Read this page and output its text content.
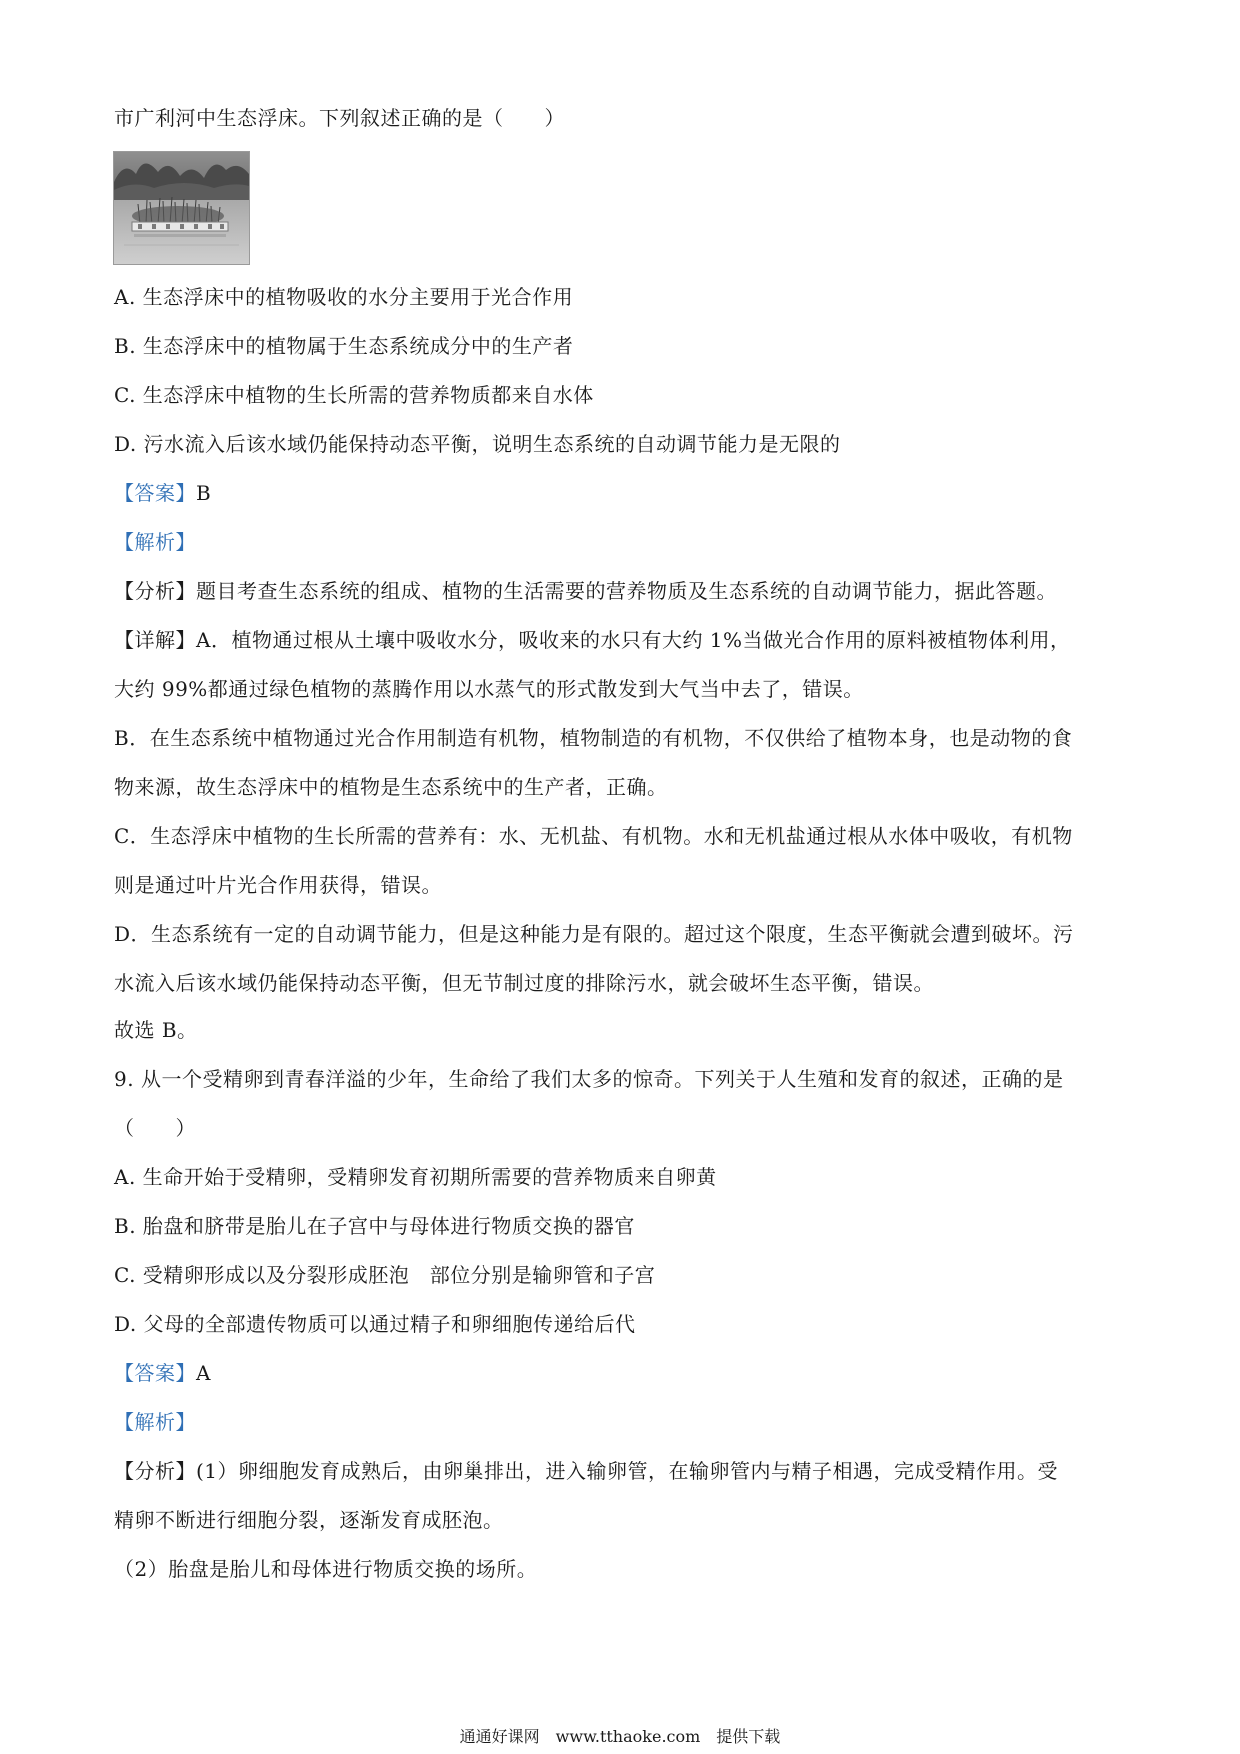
市广利河中生态浮床。下列叙述正确的是（　　）
A. 生态浮床中的植物吸收的水分主要用于光合作用
B. 生态浮床中的植物属于生态系统成分中的生产者
C. 生态浮床中植物的生长所需的营养物质都来自水体
D. 污水流入后该水域仍能保持动态平衡，说明生态系统的自动调节能力是无限的
【答案】B
【解析】
【分析】题目考查生态系统的组成、植物的生活需要的营养物质及生态系统的自动调节能力，据此答题。
【详解】A．植物通过根从土壤中吸收水分，吸收来的水只有大约 1%当做光合作用的原料被植物体利用，
大约 99%都通过绿色植物的蒸腾作用以水蒸气的形式散发到大气当中去了，错误。
B．在生态系统中植物通过光合作用制造有机物，植物制造的有机物，不仅供给了植物本身，也是动物的食
物来源，故生态浮床中的植物是生态系统中的生产者，正确。
C．生态浮床中植物的生长所需的营养有：水、无机盐、有机物。水和无机盐通过根从水体中吸收，有机物
则是通过叶片光合作用获得，错误。
D．生态系统有一定的自动调节能力，但是这种能力是有限的。超过这个限度，生态平衡就会遭到破坏。污
水流入后该水域仍能保持动态平衡，但无节制过度的排除污水，就会破坏生态平衡，错误。
故选 B。
9. 从一个受精卵到青春洋溢的少年，生命给了我们太多的惊奇。下列关于人生殖和发育的叙述，正确的是
（　　）
A. 生命开始于受精卵，受精卵发育初期所需要的营养物质来自卵黄
B. 胎盘和脐带是胎儿在子宫中与母体进行物质交换的器官
C. 受精卵形成以及分裂形成胚泡　部位分别是输卵管和子宫
D. 父母的全部遗传物质可以通过精子和卵细胞传递给后代
【答案】A
【解析】
【分析】(1）卵细胞发育成熟后，由卵巢排出，进入输卵管，在输卵管内与精子相遇，完成受精作用。受
精卵不断进行细胞分裂，逐渐发育成胚泡。
（2）胎盘是胎儿和母体进行物质交换的场所。
通通好课网　www.tthaoke.com　提供下载
